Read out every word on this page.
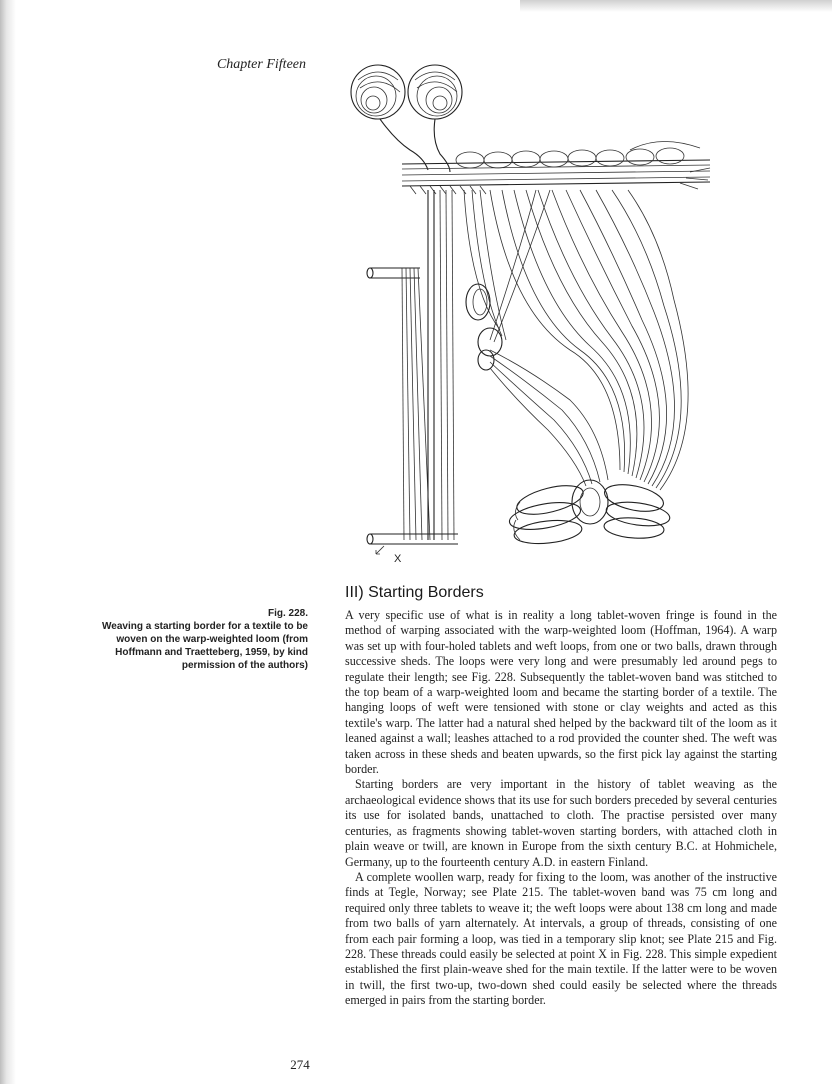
Chapter Fifteen
X
Fig. 228.
Weaving a starting border for a textile to be woven on the warp-weighted loom (from Hoffmann and Traetteberg, 1959, by kind permission of the authors)
III) Starting Borders

A very specific use of what is in reality a long tablet-woven fringe is found in the method of warping associated with the warp-weighted loom (Hoffman, 1964). A warp was set up with four-holed tablets and weft loops, from one or two balls, drawn through successive sheds. The loops were very long and were presumably led around pegs to regulate their length; see Fig. 228. Subsequently the tablet-woven band was stitched to the top beam of a warp-weighted loom and became the starting border of a textile. The hanging loops of weft were tensioned with stone or clay weights and acted as this textile's warp. The latter had a natural shed helped by the backward tilt of the loom as it leaned against a wall; leashes attached to a rod provided the counter shed. The weft was taken across in these sheds and beaten upwards, so the first pick lay against the starting border.

Starting borders are very important in the history of tablet weaving as the archaeological evidence shows that its use for such borders preceded by several centuries its use for isolated bands, unattached to cloth. The practise persisted over many centuries, as fragments showing tablet-woven starting borders, with attached cloth in plain weave or twill, are known in Europe from the sixth century B.C. at Hohmichele, Germany, up to the fourteenth century A.D. in eastern Finland.

A complete woollen warp, ready for fixing to the loom, was another of the instructive finds at Tegle, Norway; see Plate 215. The tablet-woven band was 75 cm long and required only three tablets to weave it; the weft loops were about 138 cm long and made from two balls of yarn alternately. At intervals, a group of threads, consisting of one from each pair forming a loop, was tied in a temporary slip knot; see Plate 215 and Fig. 228. These threads could easily be selected at point X in Fig. 228. This simple expedient established the first plain-weave shed for the main textile. If the latter were to be woven in twill, the first two-up, two-down shed could easily be selected where the threads emerged in pairs from the starting border.

274
